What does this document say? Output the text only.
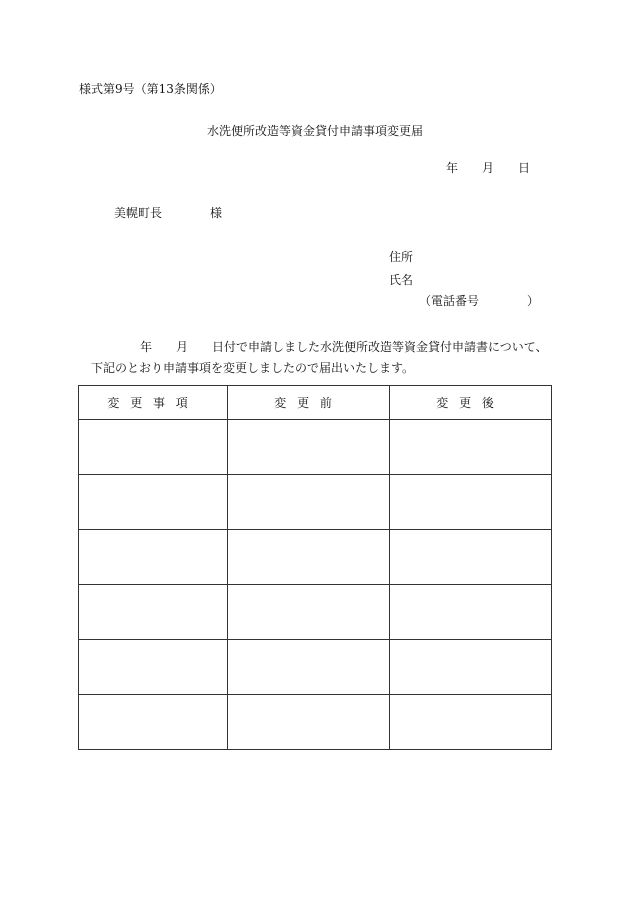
様式第9号（第13条関係）
水洗便所改造等資金貸付申請事項変更届
年 月 日
美幌町長	様
住所
氏名
（電話番号	）
年 月 日付で申請しました水洗便所改造等資金貸付申請書について、
下記のとおり申請事項を変更しましたので届出いたします。
変更事項	変更前	変更後
